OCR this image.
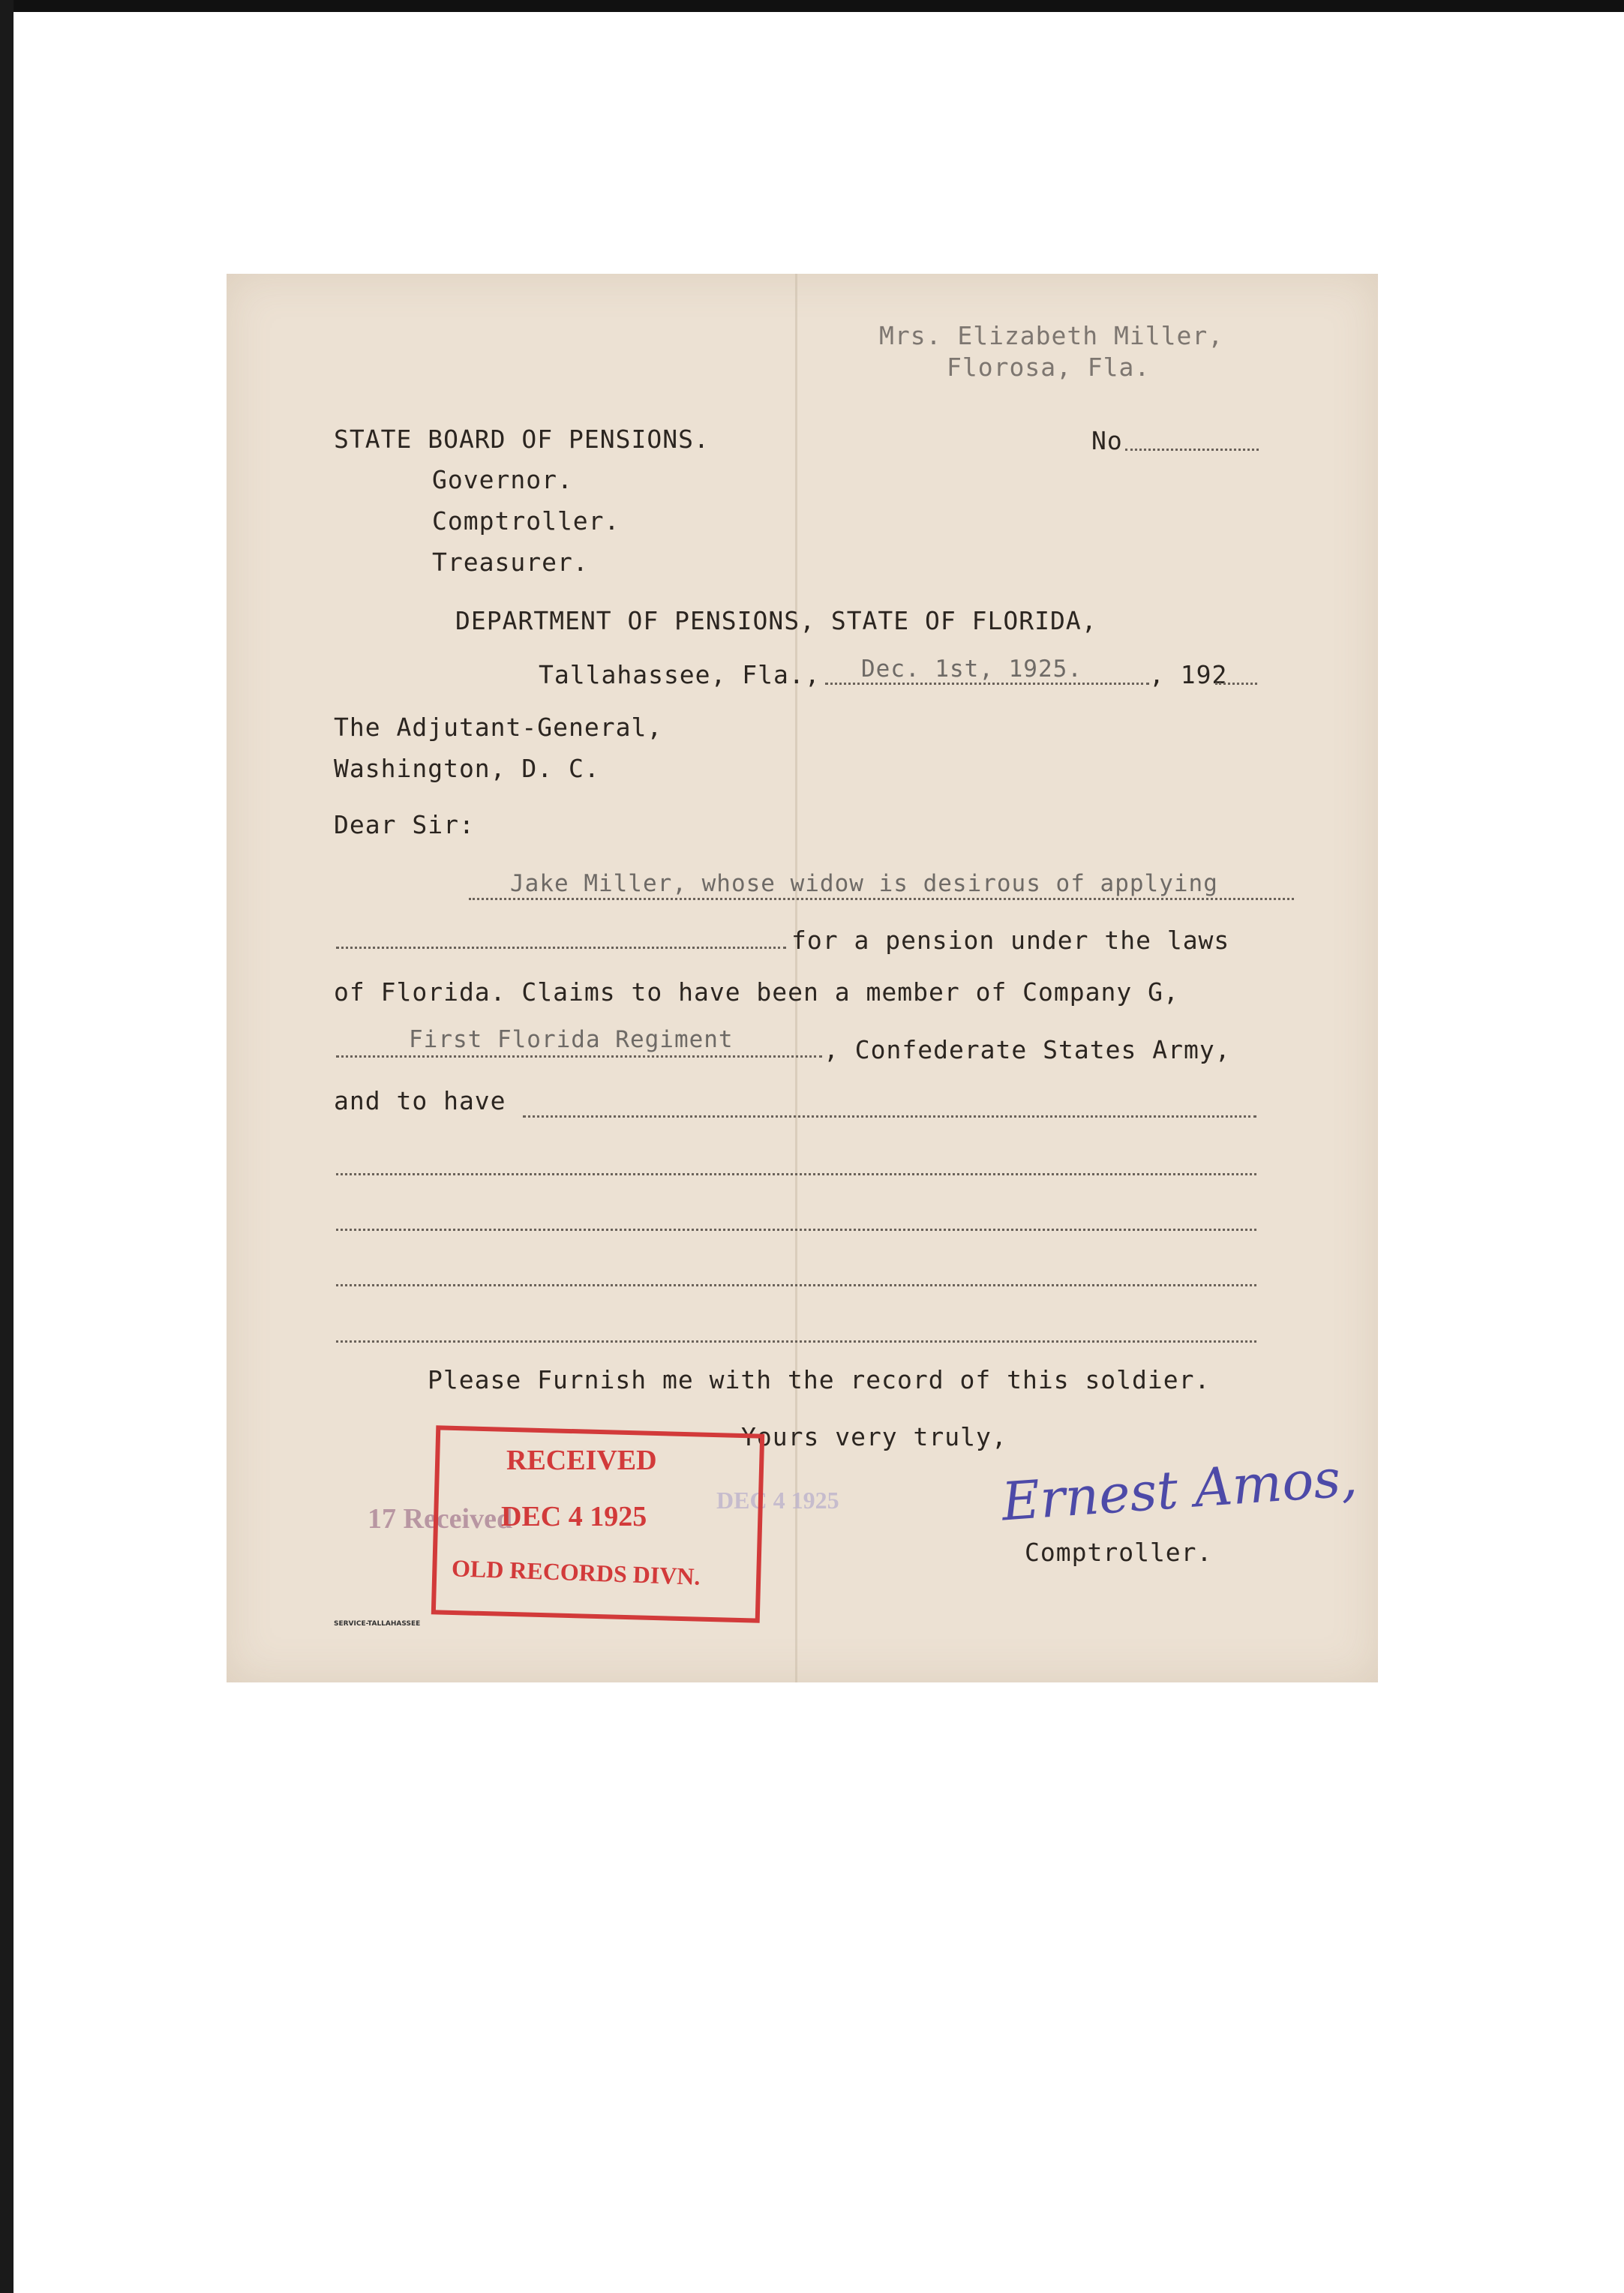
Mrs. Elizabeth Miller,
Florosa, Fla.
STATE BOARD OF PENSIONS.	No
Governor.
Comptroller.
Treasurer.
DEPARTMENT OF PENSIONS, STATE OF FLORIDA,
Tallahassee, Fla., Dec. 1st, 1925.	, 192
The Adjutant-General,
Washington, D. C.
Dear Sir:
Jake Miller, whose widow is desirous of applying
for a pension under the laws
of Florida. Claims to have been a member of Company G,
First Florida Regiment	, Confederate States Army,
and to have
Please Furnish me with the record of this soldier.
Yours very truly,
Ernest Amos,
Comptroller.
17 Received
DEC 4 1925
RECEIVED
DEC 4 1925
OLD RECORDS DIVN.
SERVICE-TALLAHASSEE
